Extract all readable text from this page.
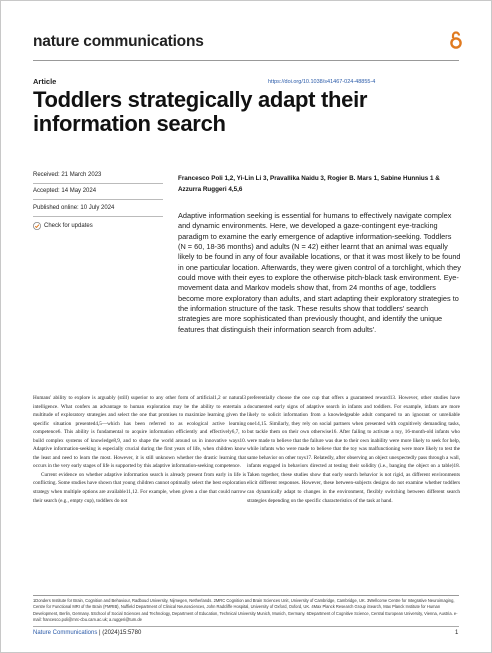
nature communications
Article	https://doi.org/10.1038/s41467-024-48855-4
Toddlers strategically adapt their information search
Received: 21 March 2023
Accepted: 14 May 2024
Published online: 10 July 2024
Check for updates
Francesco Poli 1,2, Yi-Lin Li 3, Pravallika Naidu 3, Rogier B. Mars 1, Sabine Hunnius 1 & Azzurra Ruggeri 4,5,6
Adaptive information seeking is essential for humans to effectively navigate complex and dynamic environments. Here, we developed a gaze-contingent eye-tracking paradigm to examine the early emergence of adaptive information-seeking. Toddlers (N = 60, 18-36 months) and adults (N = 42) either learnt that an animal was equally likely to be found in any of four available locations, or that it was most likely to be found in one particular location. Afterwards, they were given control of a torchlight, which they could move with their eyes to explore the otherwise pitch-black task environment. Eye-movement data and Markov models show that, from 24 months of age, toddlers become more exploratory than adults, and start adapting their exploratory strategies to the information structure of the task. These results show that toddlers' search strategies are more sophisticated than previously thought, and identify the unique features that distinguish their information search from adults'.

Humans' ability to explore is arguably (still) superior to any other form of artificial1,2 or natural3 intelligence. What confers an advantage to human exploration may be the ability to entertain a multitude of exploratory strategies and select the one that promises to maximize learning given the specific situation presented4,5—which has been referred to as ecological active learning competence6. This ability is fundamental to acquire information efficiently and effectively6,7, to build complex systems of knowledge8,9, and to shape the world around us in innovative ways10. Adaptive information-seeking is especially crucial during the first years of life, when children know the least and need to learn the most. However, it is still unknown whether the drastic learning that occurs in the very early stages of life is supported by this adaptive information-seeking competence.

Current evidence on whether adaptive information search is already present from early in life is conflicting. Some studies have shown that young children cannot optimally select the best exploration strategy when multiple options are available11,12. For example, when given a clue that could narrow their search (e.g., empty cup), toddlers do not

preferentially choose the one cup that offers a guaranteed reward13. However, other studies have documented early signs of adaptive search in infants and toddlers. For example, infants are more likely to solicit information from a knowledgeable adult compared to an ignorant or unreliable one14,15. Similarly, they rely on social partners when presented with cognitively demanding tasks, but tackle them on their own otherwise16. After failing to activate a toy, 16-month-old infants who were made to believe that the failure was due to their own inability were more likely to seek for help, while infants who were made to believe that the toy was malfunctioning were more likely to test the same behavior on other toys17. Relatedly, after observing an object unexpectedly pass through a wall, infants engaged in behaviors directed at testing their solidity (i.e., banging the object on a table)18. Taken together, these studies show that early search behavior is not rigid, as different environments elicit different responses. However, these between-subjects designs do not examine whether toddlers can dynamically adapt to changes in the environment, flexibly switching between different search strategies depending on the specific characteristics of the task at hand.

1Donders Institute for Brain, Cognition and Behaviour, Radboud University, Nijmegen, Netherlands. 2MRC Cognition and Brain Sciences Unit, University of Cambridge, Cambridge, UK. 3Wellcome Centre for Integrative Neuroimaging, Centre for Functional MRI of the Brain (FMRIB), Nuffield Department of Clinical Neurosciences, John Radcliffe Hospital, University of Oxford, Oxford, UK. 4Max Planck Research Group iSearch, Max Planck Institute for Human Development, Berlin, Germany. 5School of Social Sciences and Technology, Department of Education, Technical University Munich, Munich, Germany. 6Department of Cognitive Science, Central European University, Vienna, Austria. e-mail: francesco.poli@mrc-cbu.cam.ac.uk; a.ruggeri@tum.de
Nature Communications | (2024)15:5780	1
